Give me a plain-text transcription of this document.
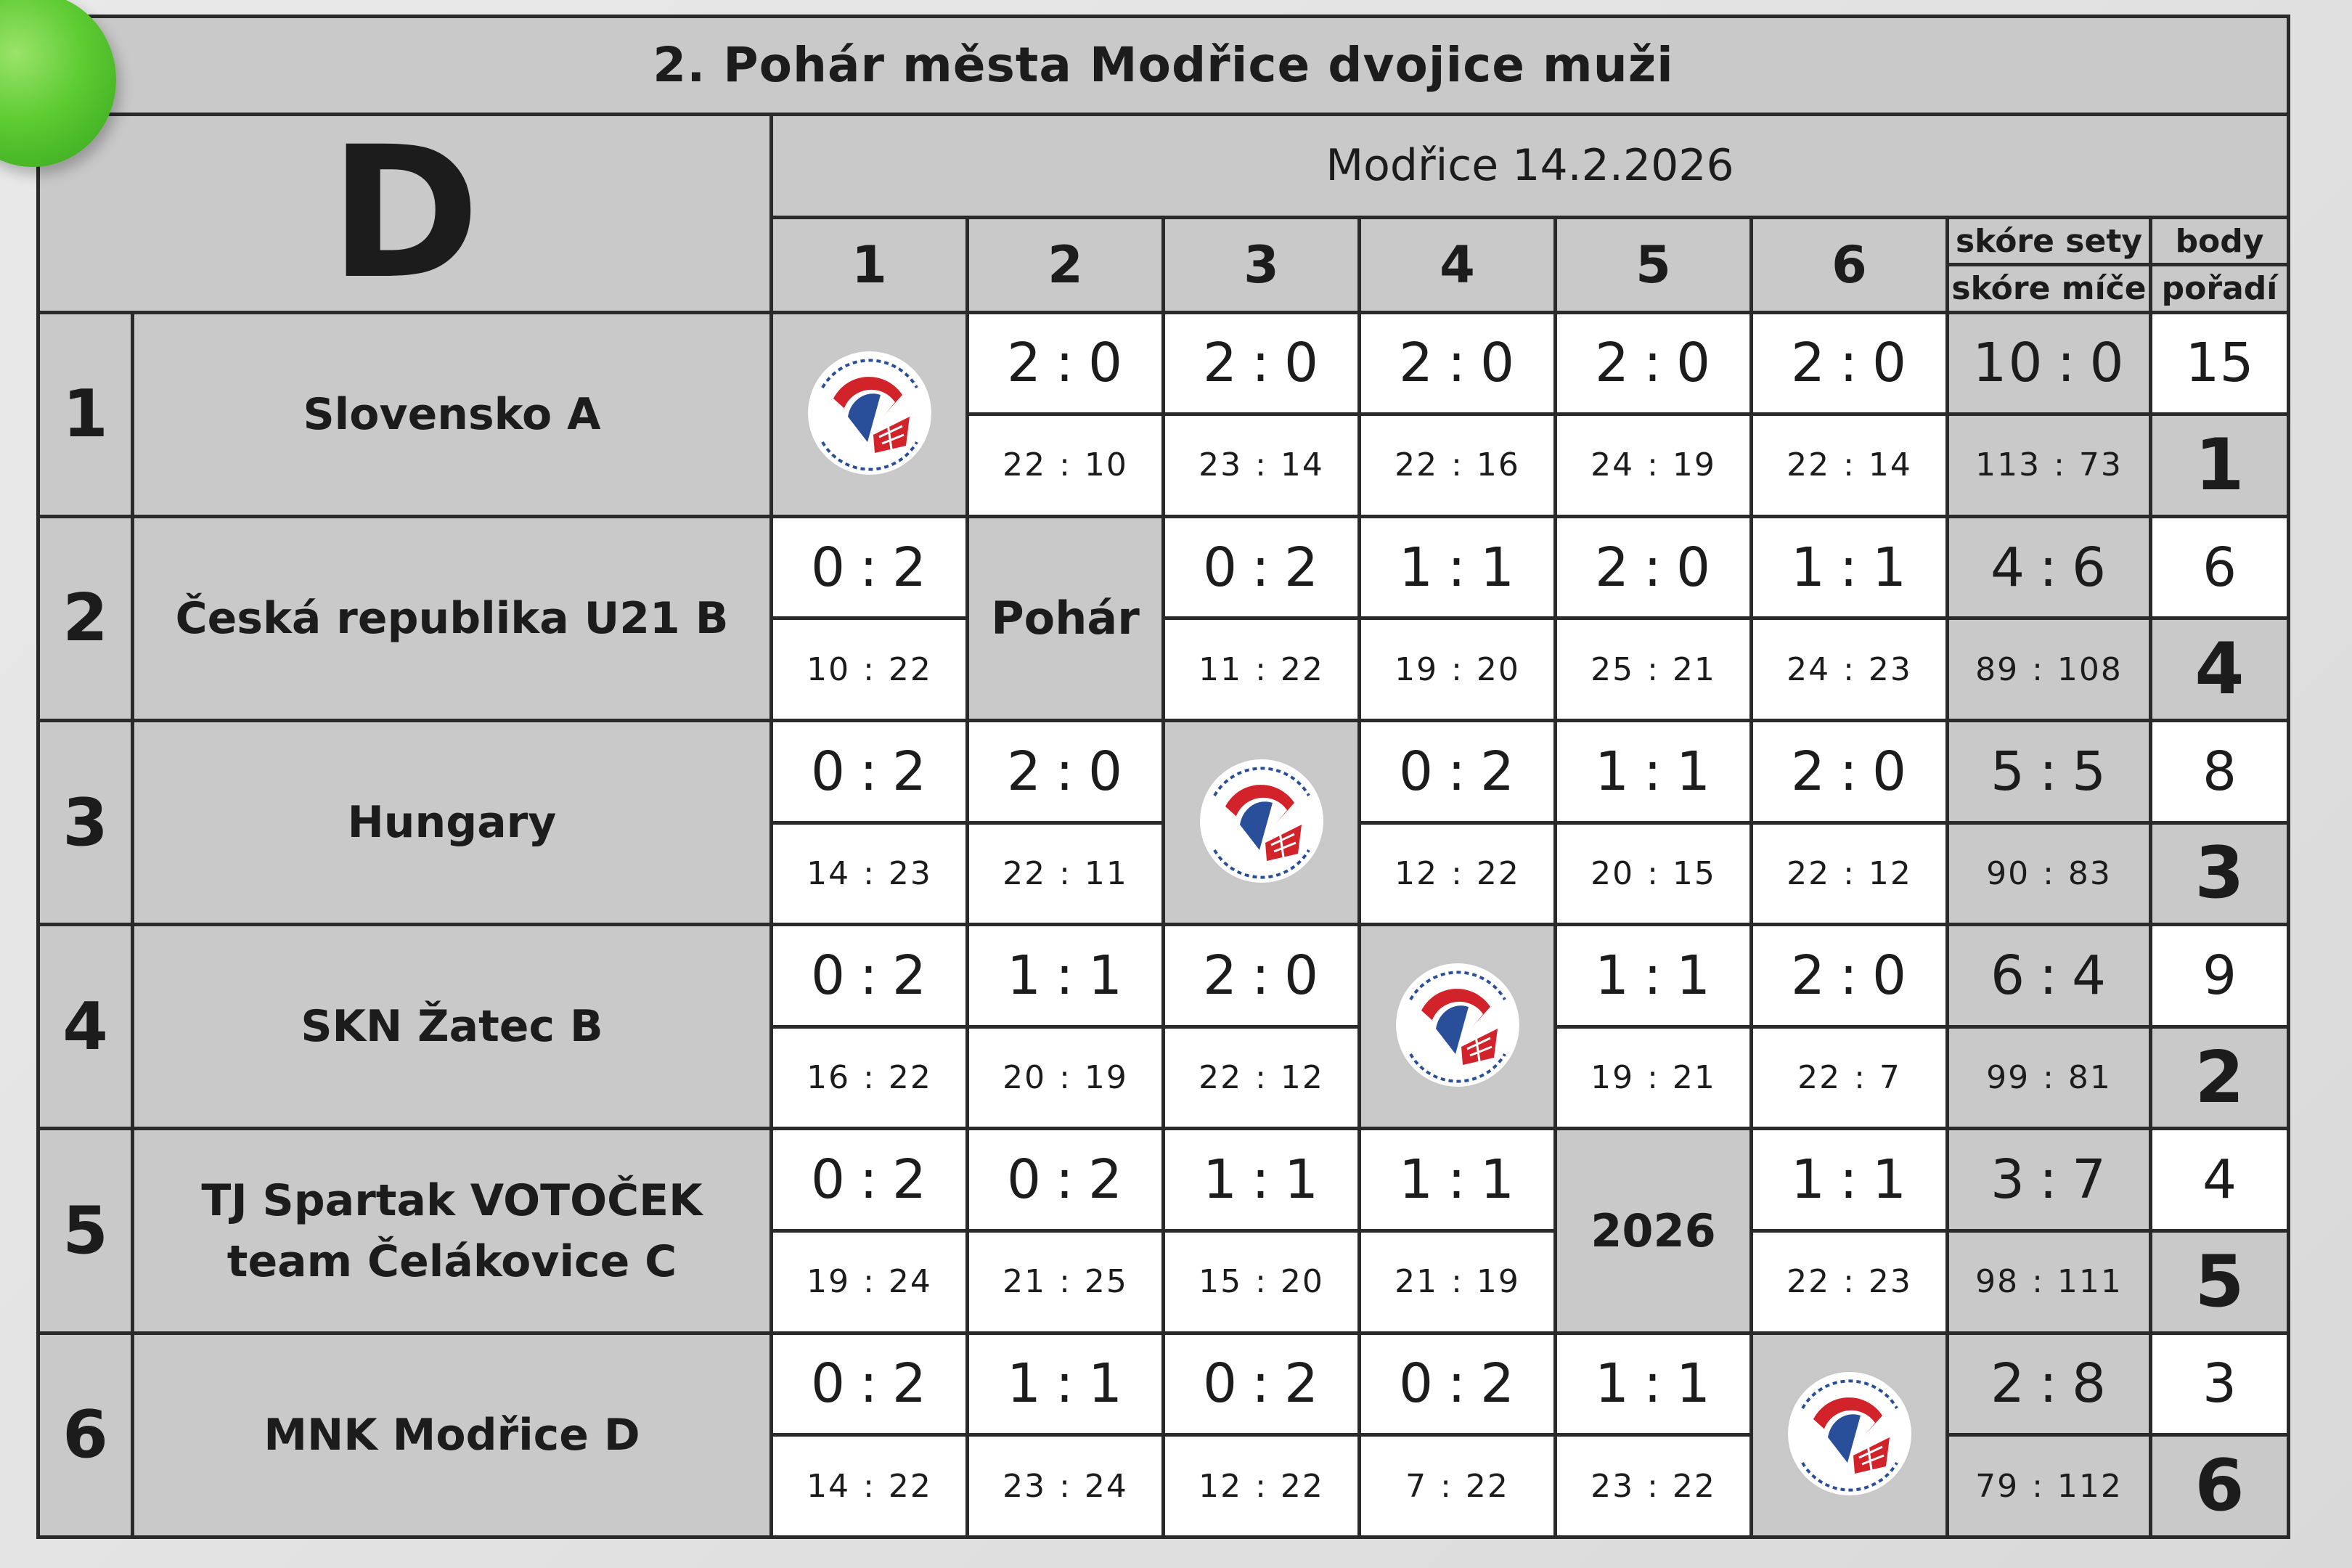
2. Pohár města Modřice dvojice muži									
D		Modřice 14.2.2026							
		1	2	3	4	5	6	skóre sety	body
								skóre míče	pořadí
1	Slovensko A		2 : 0	2 : 0	2 : 0	2 : 0	2 : 0	10 : 0	15
			22 : 10	23 : 14	22 : 16	24 : 19	22 : 14	113 : 73	1
2	Česká republika U21 B	0 : 2	Pohár	0 : 2	1 : 1	2 : 0	1 : 1	4 : 6	6
		10 : 22		11 : 22	19 : 20	25 : 21	24 : 23	89 : 108	4
3	Hungary	0 : 2	2 : 0		0 : 2	1 : 1	2 : 0	5 : 5	8
		14 : 23	22 : 11		12 : 22	20 : 15	22 : 12	90 : 83	3
4	SKN Žatec B	0 : 2	1 : 1	2 : 0		1 : 1	2 : 0	6 : 4	9
		16 : 22	20 : 19	22 : 12		19 : 21	22 : 7	99 : 81	2
5	TJ Spartak VOTOČEK team Čelákovice C	0 : 2	0 : 2	1 : 1	1 : 1	2026	1 : 1	3 : 7	4
		19 : 24	21 : 25	15 : 20	21 : 19		22 : 23	98 : 111	5
6	MNK Modřice D	0 : 2	1 : 1	0 : 2	0 : 2	1 : 1		2 : 8	3
		14 : 22	23 : 24	12 : 22	7 : 22	23 : 22		79 : 112	6
